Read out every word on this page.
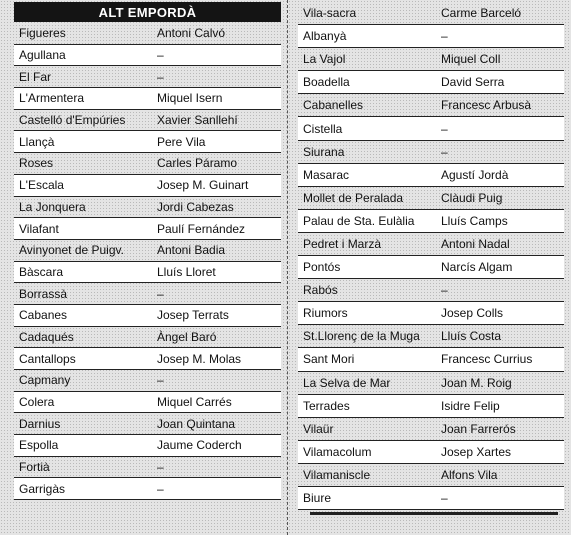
ALT EMPORDÀ
Figueres	Antoni Calvó
Agullana	–
El Far	–
L'Armentera	Miquel Isern
Castelló d'Empúries	Xavier Sanllehí
Llançà	Pere Vila
Roses	Carles Páramo
L'Escala	Josep M. Guinart
La Jonquera	Jordi Cabezas
Vilafant	Paulí Fernández
Avinyonet de Puigv.	Antoni Badia
Bàscara	Lluís Lloret
Borrassà	–
Cabanes	Josep Terrats
Cadaqués	Àngel Baró
Cantallops	Josep M. Molas
Capmany	–
Colera	Miquel Carrés
Darnius	Joan Quintana
Espolla	Jaume Coderch
Fortià	–
Garrigàs	–
Vila-sacra	Carme Barceló
Albanyà	–
La Vajol	Miquel Coll
Boadella	David Serra
Cabanelles	Francesc Arbusà
Cistella	–
Siurana	–
Masarac	Agustí Jordà
Mollet de Peralada	Clàudi Puig
Palau de Sta. Eulàlia	Lluís Camps
Pedret i Marzà	Antoni Nadal
Pontós	Narcís Algam
Rabós	–
Riumors	Josep Colls
St.Llorenç de la Muga	Lluís Costa
Sant Mori	Francesc Currius
La Selva de Mar	Joan M. Roig
Terrades	Isidre Felip
Vilaür	Joan Farrerós
Vilamacolum	Josep Xartes
Vilamaniscle	Alfons Vila
Biure	–
